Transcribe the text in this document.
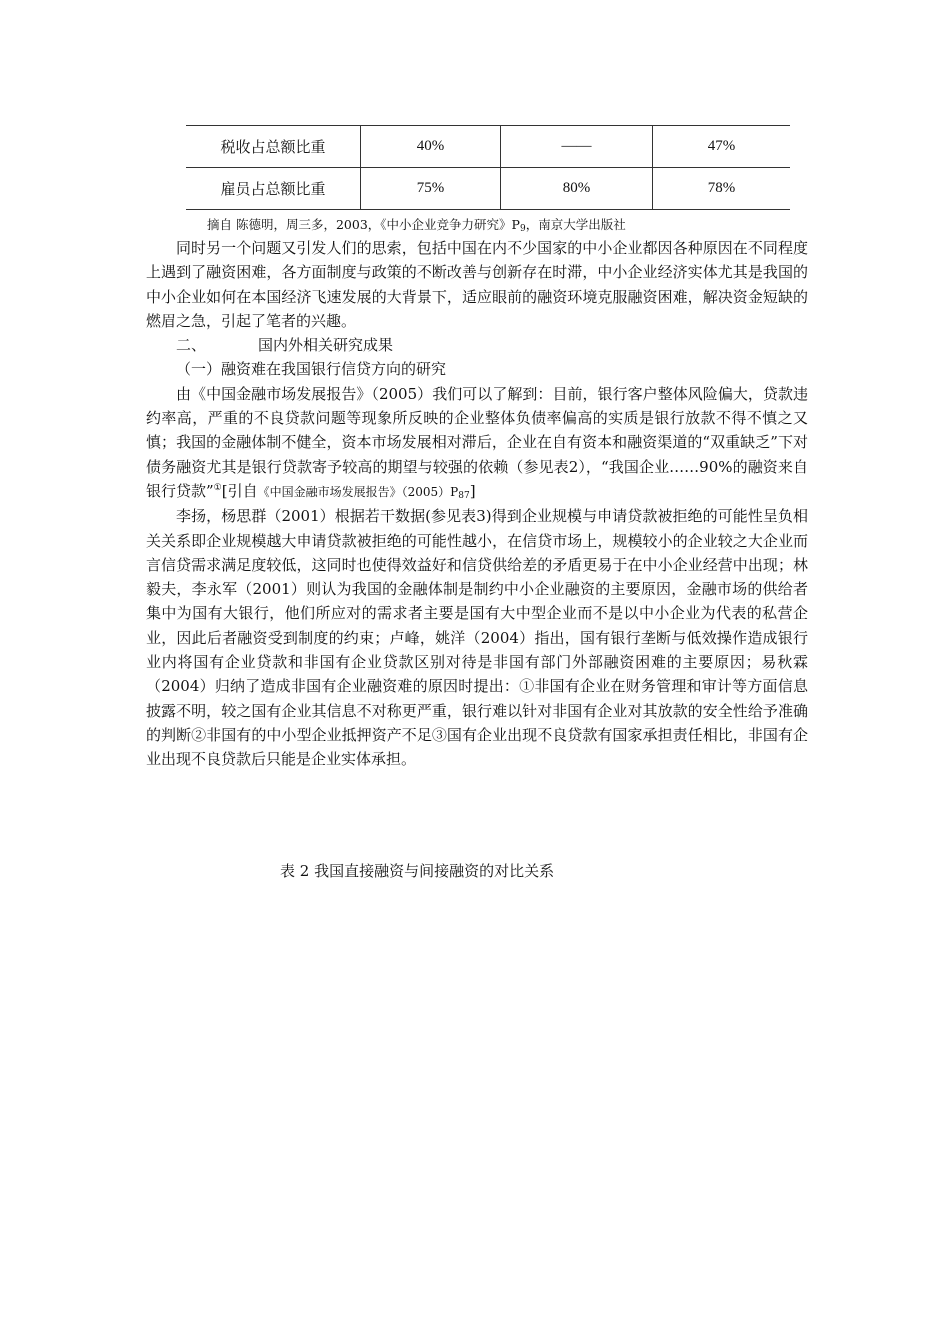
税收占总额比重	40%	——	47%
雇员占总额比重	75%	80%	78%
摘自 陈德明，周三多，2003，《中小企业竞争力研究》$P_9$，南京大学出版社

同时另一个问题又引发人们的思索，包括中国在内不少国家的中小企业都因各种原因在不同程度上遇到了融资困难，各方面制度与政策的不断改善与创新存在时滞，中小企业经济实体尤其是我国的中小企业如何在本国经济飞速发展的大背景下，适应眼前的融资环境克服融资困难，解决资金短缺的燃眉之急，引起了笔者的兴趣。

二、	国内外相关研究成果

（一）融资难在我国银行信贷方向的研究

由《中国金融市场发展报告》（2005）我们可以了解到：目前，银行客户整体风险偏大，贷款违约率高，严重的不良贷款问题等现象所反映的企业整体负债率偏高的实质是银行放款不得不慎之又慎；我国的金融体制不健全，资本市场发展相对滞后，企业在自有资本和融资渠道的“双重缺乏”下对债务融资尤其是银行贷款寄予较高的期望与较强的依赖（参见表2），“我国企业……90%的融资来自银行贷款”①[引自《中国金融市场发展报告》$(2005)P_{87}$]

李扬，杨思群（2001）根据若干数据(参见表3)得到企业规模与申请贷款被拒绝的可能性呈负相关关系即企业规模越大申请贷款被拒绝的可能性越小，在信贷市场上，规模较小的企业较之大企业而言信贷需求满足度较低，这同时也使得效益好和信贷供给差的矛盾更易于在中小企业经营中出现；林毅夫，李永军（2001）则认为我国的金融体制是制约中小企业融资的主要原因，金融市场的供给者集中为国有大银行，他们所应对的需求者主要是国有大中型企业而不是以中小企业为代表的私营企业，因此后者融资受到制度的约束；卢峰，姚洋（2004）指出，国有银行垄断与低效操作造成银行业内将国有企业贷款和非国有企业贷款区别对待是非国有部门外部融资困难的主要原因；易秋霖（2004）归纳了造成非国有企业融资难的原因时提出：①非国有企业在财务管理和审计等方面信息披露不明，较之国有企业其信息不对称更严重，银行难以针对非国有企业对其放款的安全性给予准确的判断②非国有的中小型企业抵押资产不足③国有企业出现不良贷款有国家承担责任相比，非国有企业出现不良贷款后只能是企业实体承担。

表 2 我国直接融资与间接融资的对比关系
